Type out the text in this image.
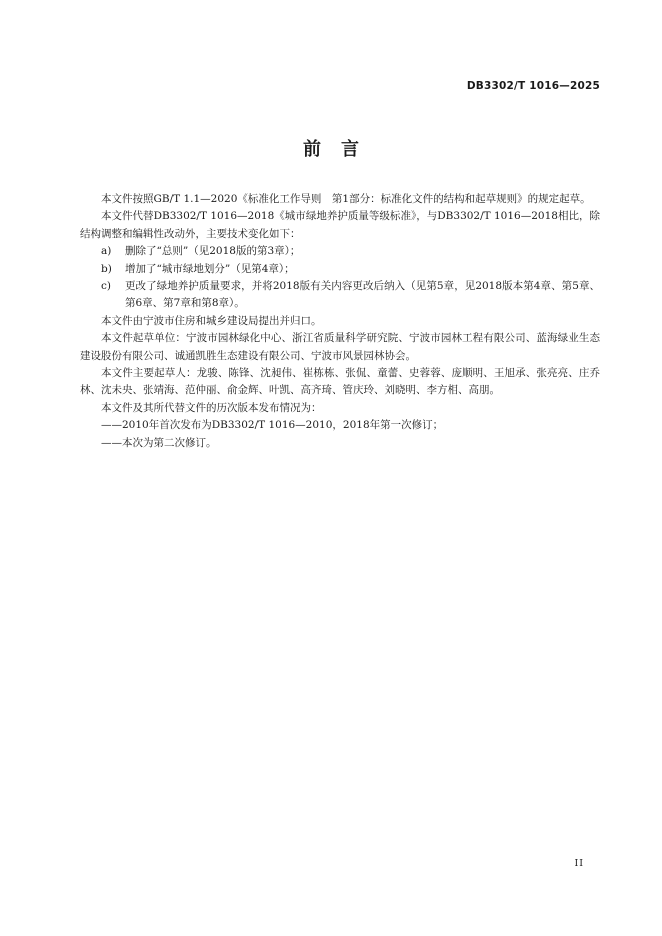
DB3302/T 1016—2025
前言

本文件按照GB/T 1.1—2020《标准化工作导则　第1部分：标准化文件的结构和起草规则》的规定起草。

本文件代替DB3302/T 1016—2018《城市绿地养护质量等级标准》，与DB3302/T 1016—2018相比，除结构调整和编辑性改动外，主要技术变化如下：

a)	删除了“总则”（见2018版的第3章）；
b)	增加了“城市绿地划分”（见第4章）；
c)	更改了绿地养护质量要求，并将2018版有关内容更改后纳入（见第5章，见2018版本第4章、第5章、第6章、第7章和第8章）。

本文件由宁波市住房和城乡建设局提出并归口。

本文件起草单位：宁波市园林绿化中心、浙江省质量科学研究院、宁波市园林工程有限公司、蓝海绿业生态建设股份有限公司、诚通凯胜生态建设有限公司、宁波市风景园林协会。

本文件主要起草人：龙骏、陈锋、沈昶伟、崔栋栋、张侃、童蕾、史蓉蓉、庞顺明、王旭承、张亮亮、庄乔林、沈未央、张靖海、范仲丽、俞金辉、叶凯、高齐琦、管庆玲、刘晓明、李方相、高朋。

本文件及其所代替文件的历次版本发布情况为：

——2010年首次发布为DB3302/T 1016—2010，2018年第一次修订；

——本次为第二次修订。

II
